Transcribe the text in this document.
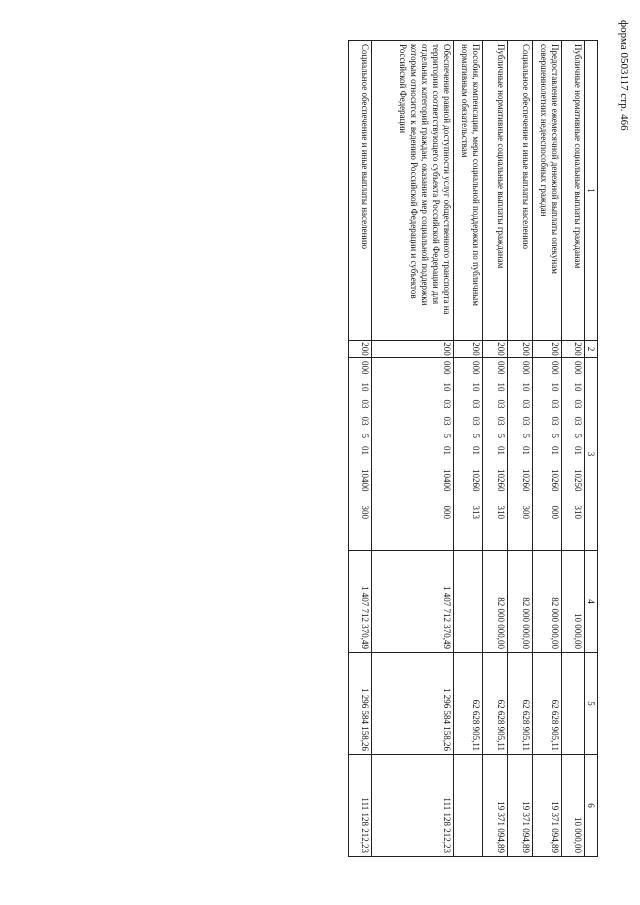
форма 0503117 стр. 466
1	2	3	4	5	6
Публичные нормативные социальные выплаты гражданам	200	00010030350110250310	10 000,00		10 000,00
Предоставление ежемесячной денежной выплаты опекунам совершеннолетних недееспособных граждан	200	00010030350110260000	82 000 000,00	62 628 905,11	19 371 094,89
Социальное обеспечение и иные выплаты населению	200	00010030350110260300	82 000 000,00	62 628 905,11	19 371 094,89
Публичные нормативные социальные выплаты гражданам	200	00010030350110260310	82 000 000,00	62 628 905,11	19 371 094,89
Пособия, компенсации, меры социальной поддержки по публичным нормативным обязательствам	200	00010030350110260313		62 628 905,11	
Обеспечение равной доступности услуг общественного транспорта на территории соответствующего субъекта Российской Федерации для отдельных категорий граждан, оказание мер социальной поддержки которым относится к ведению Российской Федерации и субъектов Российской Федерации	200	00010030350110400000	1 407 712 370,49	1 296 584 158,26	111 128 212,23
Социальное обеспечение и иные выплаты населению	200	00010030350110400300	1 407 712 370,49	1 296 584 158,26	111 128 212,23
